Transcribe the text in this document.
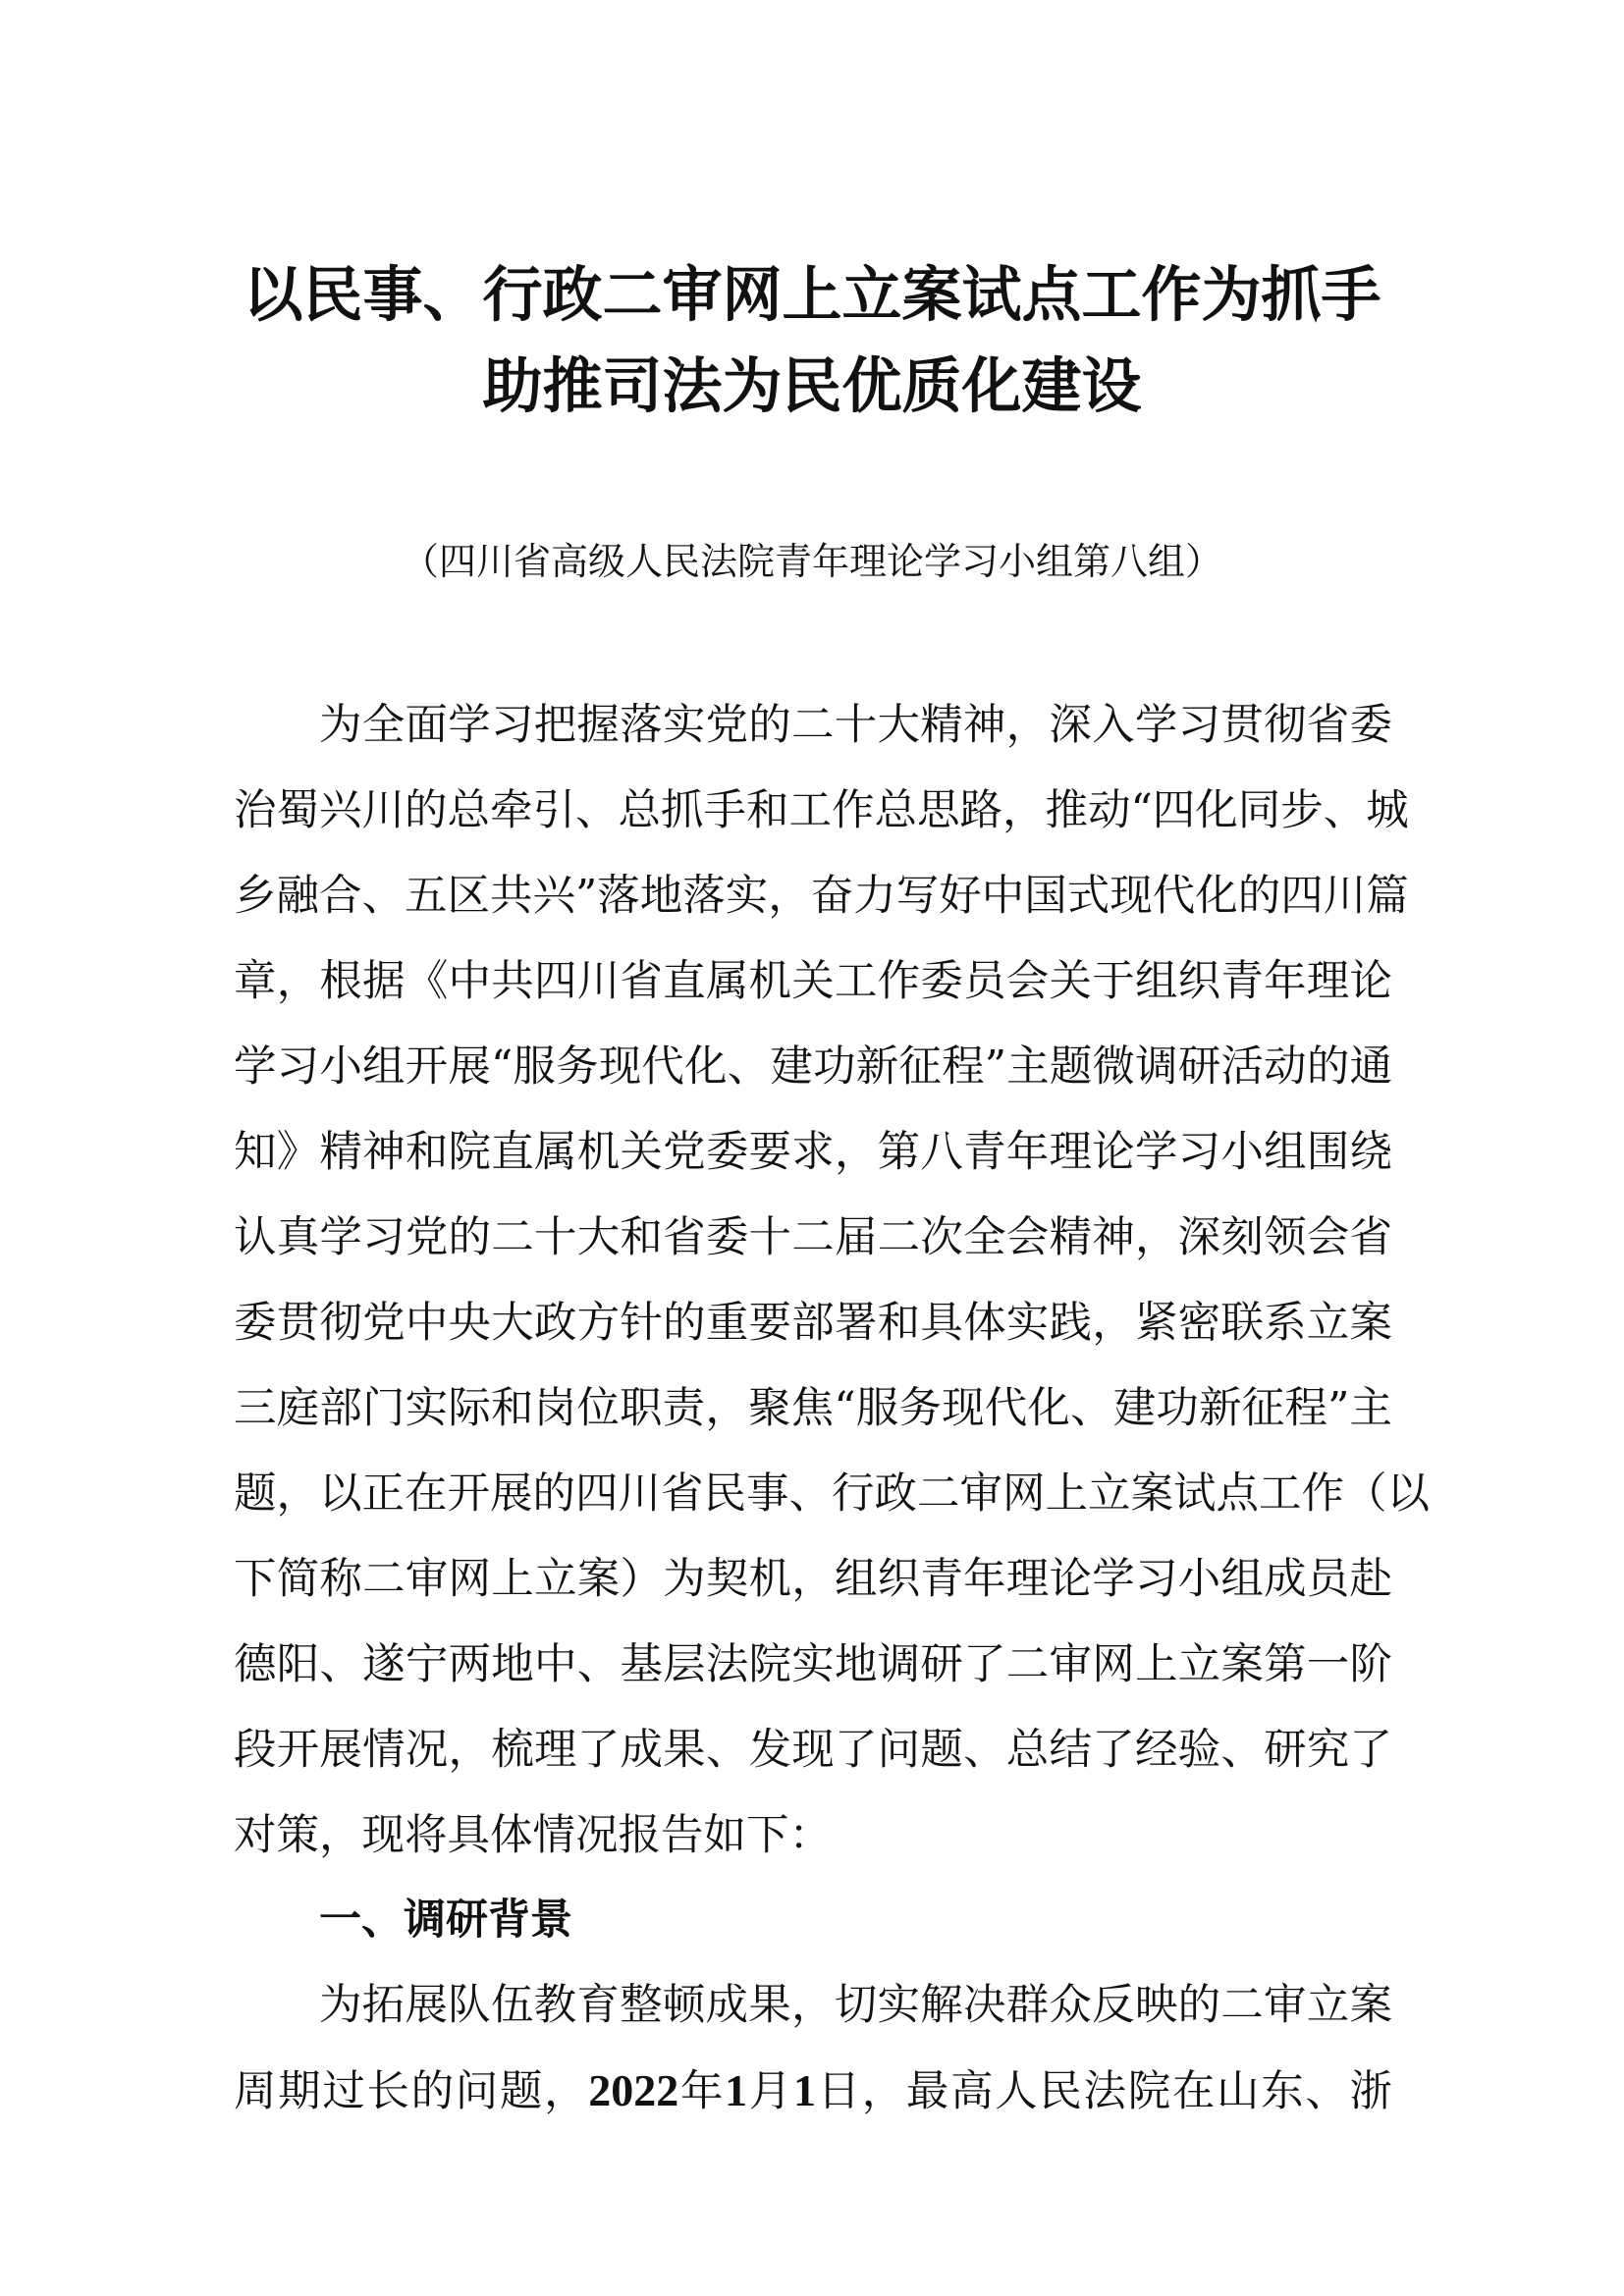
以民事、行政二审网上立案试点工作为抓手
助推司法为民优质化建设
（四川省高级人民法院青年理论学习小组第八组）
为全面学习把握落实党的二十大精神，深入学习贯彻省委
治蜀兴川的总牵引、总抓手和工作总思路，推动“四化同步、城
乡融合、五区共兴”落地落实，奋力写好中国式现代化的四川篇
章，根据《中共四川省直属机关工作委员会关于组织青年理论
学习小组开展“服务现代化、建功新征程”主题微调研活动的通
知》精神和院直属机关党委要求，第八青年理论学习小组围绕
认真学习党的二十大和省委十二届二次全会精神，深刻领会省
委贯彻党中央大政方针的重要部署和具体实践，紧密联系立案
三庭部门实际和岗位职责，聚焦“服务现代化、建功新征程”主
题，以正在开展的四川省民事、行政二审网上立案试点工作（以
下简称二审网上立案）为契机，组织青年理论学习小组成员赴
德阳、遂宁两地中、基层法院实地调研了二审网上立案第一阶
段开展情况，梳理了成果、发现了问题、总结了经验、研究了
对策，现将具体情况报告如下：
一、调研背景
为拓展队伍教育整顿成果，切实解决群众反映的二审立案
周期过长的问题，2022年1月1日，最高人民法院在山东、浙
